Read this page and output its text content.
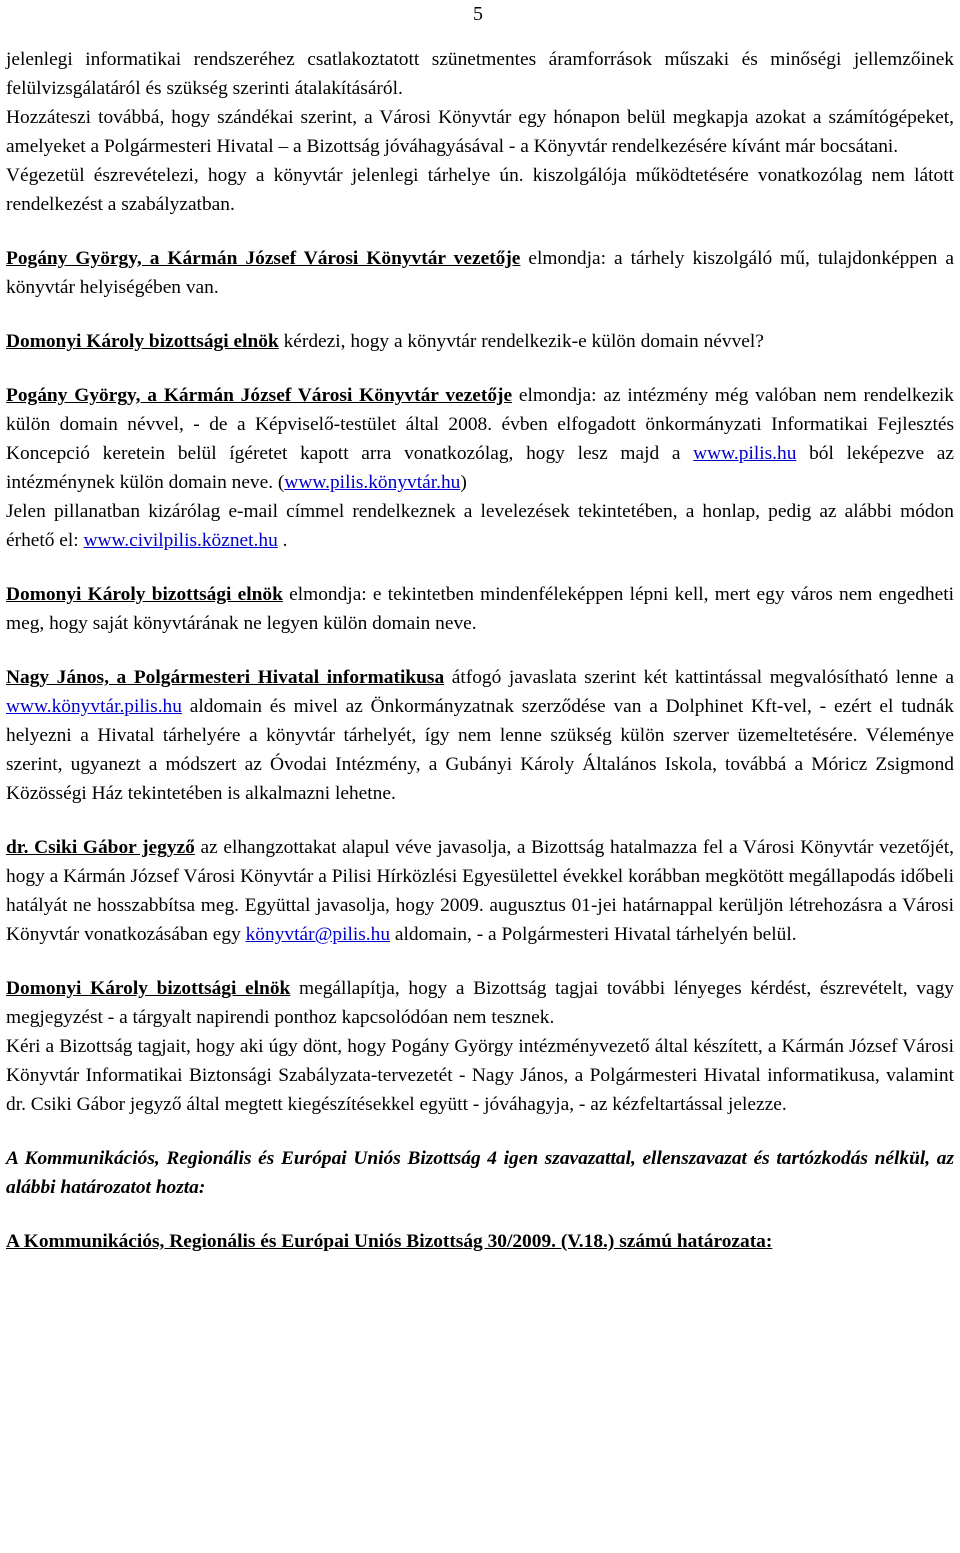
5

jelenlegi informatikai rendszeréhez csatlakoztatott szünetmentes áramforrások műszaki és minőségi jellemzőinek felülvizsgálatáról és szükség szerinti átalakításáról.

Hozzáteszi továbbá, hogy szándékai szerint, a Városi Könyvtár egy hónapon belül megkapja azokat a számítógépeket, amelyeket a Polgármesteri Hivatal – a Bizottság jóváhagyásával - a Könyvtár rendelkezésére kívánt már bocsátani.

Végezetül észrevételezi, hogy a könyvtár jelenlegi tárhelye ún. kiszolgálója működtetésére vonatkozólag nem látott rendelkezést a szabályzatban.

Pogány György, a Kármán József Városi Könyvtár vezetője elmondja: a tárhely kiszolgáló mű, tulajdonképpen a könyvtár helyiségében van.

Domonyi Károly bizottsági elnök kérdezi, hogy a könyvtár rendelkezik-e külön domain névvel?

Pogány György, a Kármán József Városi Könyvtár vezetője elmondja: az intézmény még valóban nem rendelkezik külön domain névvel, - de a Képviselő-testület által 2008. évben elfogadott önkormányzati Informatikai Fejlesztés Koncepció keretein belül ígéretet kapott arra vonatkozólag, hogy lesz majd a www.pilis.hu ból leképezve az intézménynek külön domain neve. (www.pilis.könyvtár.hu)

Jelen pillanatban kizárólag e-mail címmel rendelkeznek a levelezések tekintetében, a honlap, pedig az alábbi módon érhető el: www.civilpilis.köznet.hu .

Domonyi Károly bizottsági elnök elmondja: e tekintetben mindenféleképpen lépni kell, mert egy város nem engedheti meg, hogy saját könyvtárának ne legyen külön domain neve.

Nagy János, a Polgármesteri Hivatal informatikusa átfogó javaslata szerint két kattintással megvalósítható lenne a www.könyvtár.pilis.hu aldomain és mivel az Önkormányzatnak szerződése van a Dolphinet Kft-vel, - ezért el tudnák helyezni a Hivatal tárhelyére a könyvtár tárhelyét, így nem lenne szükség külön szerver üzemeltetésére. Véleménye szerint, ugyanezt a módszert az Óvodai Intézmény, a Gubányi Károly Általános Iskola, továbbá a Móricz Zsigmond Közösségi Ház tekintetében is alkalmazni lehetne.

dr. Csiki Gábor jegyző az elhangzottakat alapul véve javasolja, a Bizottság hatalmazza fel a Városi Könyvtár vezetőjét, hogy a Kármán József Városi Könyvtár a Pilisi Hírközlési Egyesülettel évekkel korábban megkötött megállapodás időbeli hatályát ne hosszabbítsa meg. Együttal javasolja, hogy 2009. augusztus 01-jei határnappal kerüljön létrehozásra a Városi Könyvtár vonatkozásában egy könyvtár@pilis.hu aldomain, - a Polgármesteri Hivatal tárhelyén belül.

Domonyi Károly bizottsági elnök megállapítja, hogy a Bizottság tagjai további lényeges kérdést, észrevételt, vagy megjegyzést - a tárgyalt napirendi ponthoz kapcsolódóan nem tesznek.

Kéri a Bizottság tagjait, hogy aki úgy dönt, hogy Pogány György intézményvezető által készített, a Kármán József Városi Könyvtár Informatikai Biztonsági Szabályzata-tervezetét - Nagy János, a Polgármesteri Hivatal informatikusa, valamint dr. Csiki Gábor jegyző által megtett kiegészítésekkel együtt - jóváhagyja, - az kézfeltartással jelezze.

A Kommunikációs, Regionális és Európai Uniós Bizottság 4 igen szavazattal, ellenszavazat és tartózkodás nélkül, az alábbi határozatot hozta:

A Kommunikációs, Regionális és Európai Uniós Bizottság 30/2009. (V.18.) számú határozata:
